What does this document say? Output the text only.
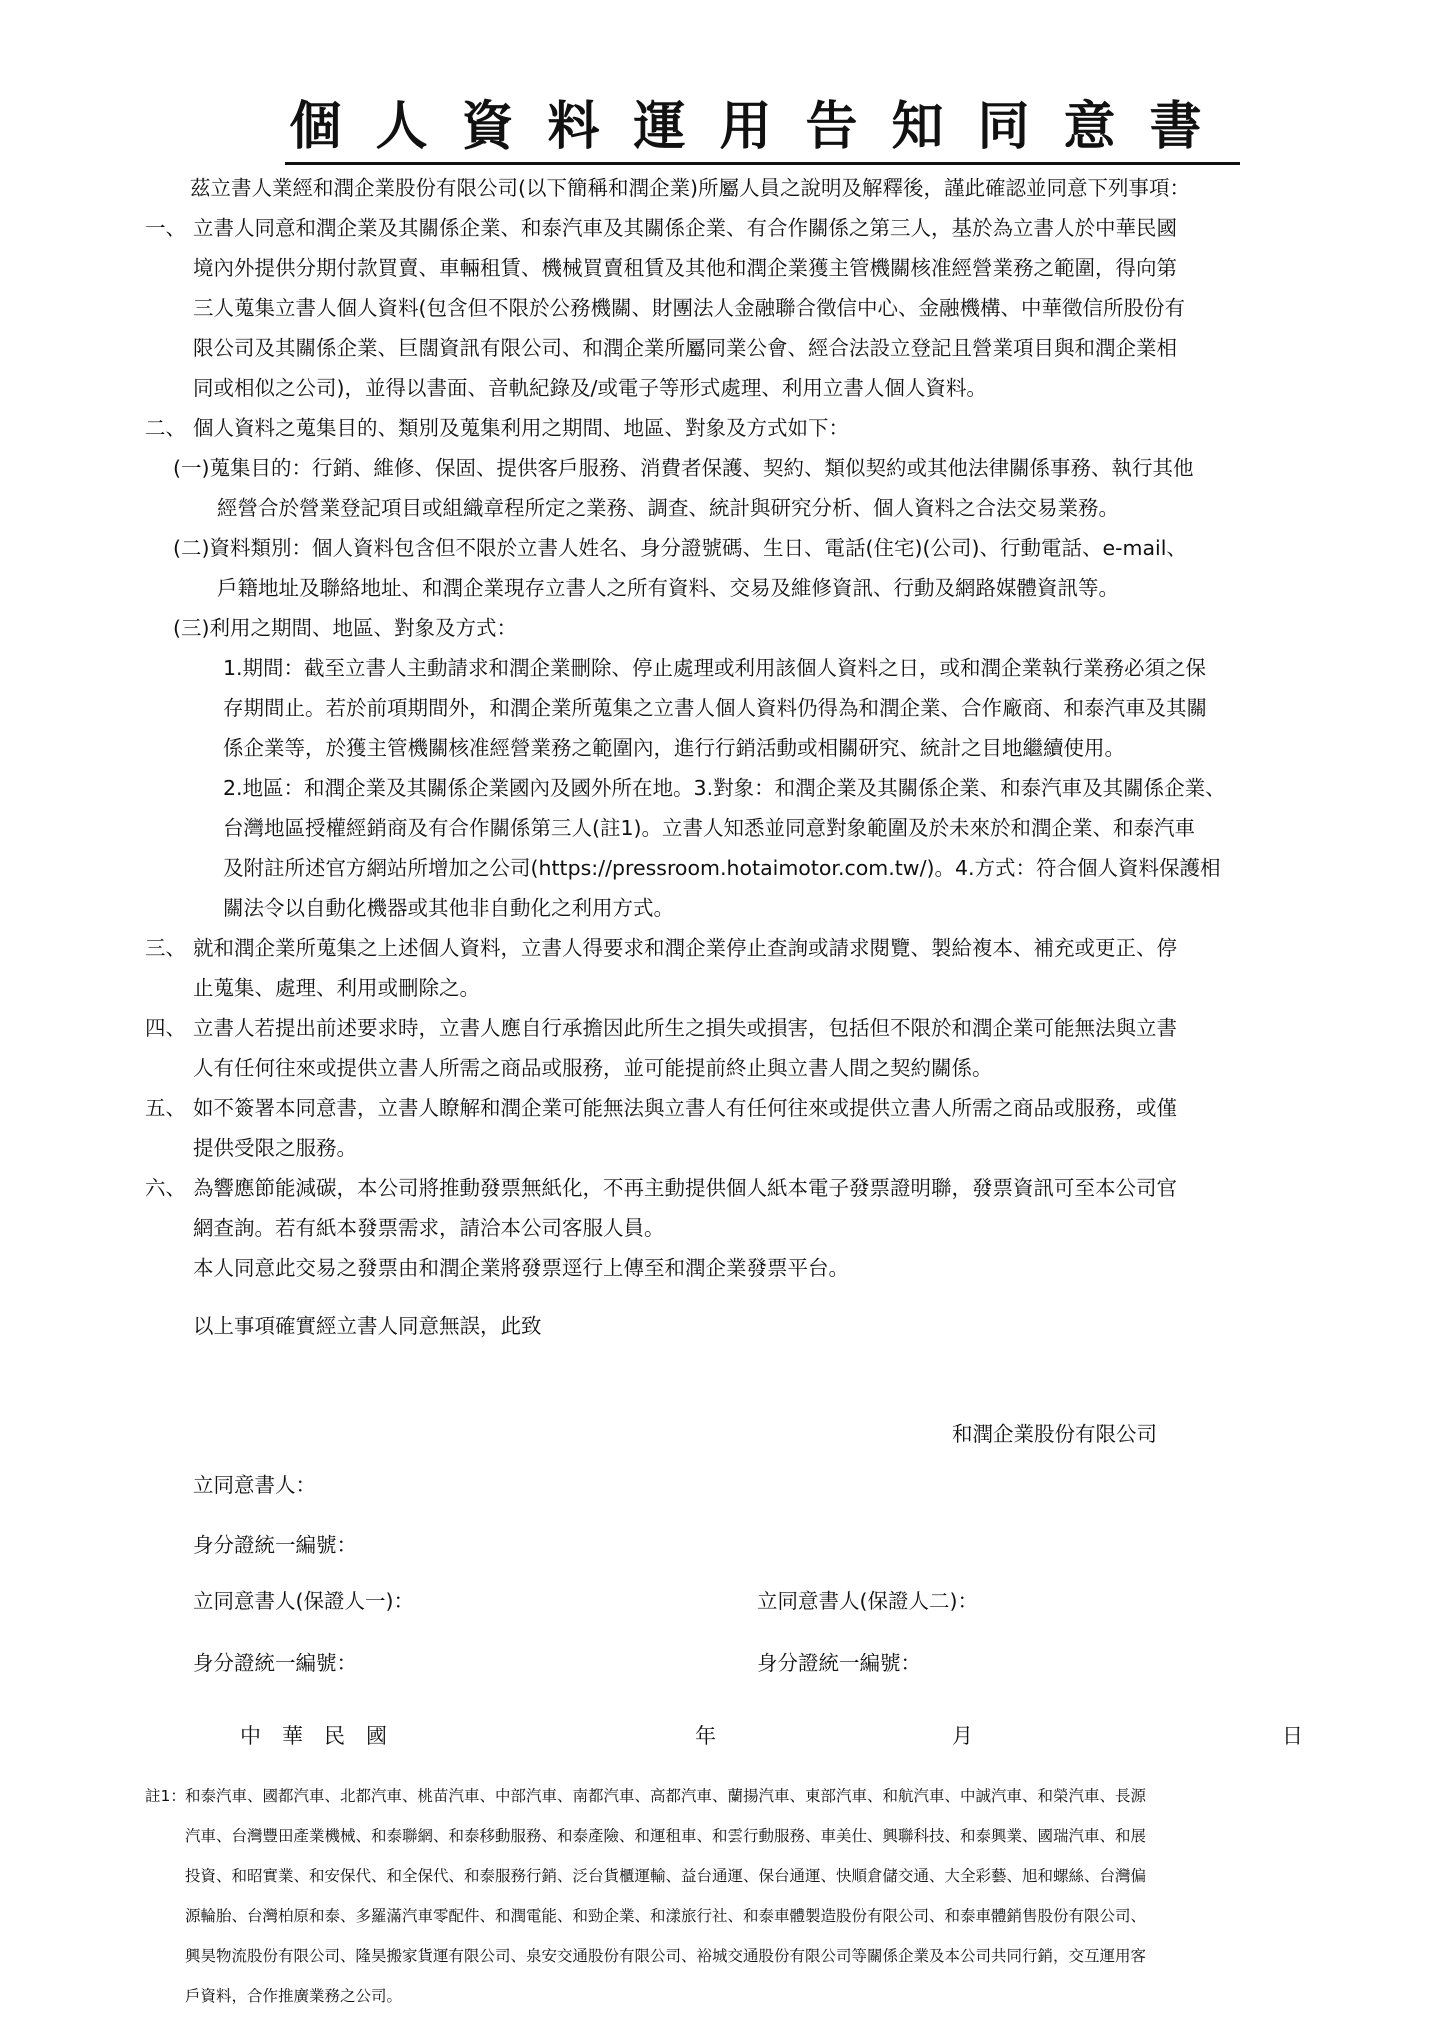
個人資料運用告知同意書
茲立書人業經和潤企業股份有限公司(以下簡稱和潤企業)所屬人員之說明及解釋後，謹此確認並同意下列事項：
一、 立書人同意和潤企業及其關係企業、和泰汽車及其關係企業、有合作關係之第三人，基於為立書人於中華民國
境內外提供分期付款買賣、車輛租賃、機械買賣租賃及其他和潤企業獲主管機關核准經營業務之範圍，得向第
三人蒐集立書人個人資料(包含但不限於公務機關、財團法人金融聯合徵信中心、金融機構、中華徵信所股份有
限公司及其關係企業、巨闊資訊有限公司、和潤企業所屬同業公會、經合法設立登記且營業項目與和潤企業相
同或相似之公司)，並得以書面、音軌紀錄及/或電子等形式處理、利用立書人個人資料。
二、 個人資料之蒐集目的、類別及蒐集利用之期間、地區、對象及方式如下：
(一)蒐集目的：行銷、維修、保固、提供客戶服務、消費者保護、契約、類似契約或其他法律關係事務、執行其他
經營合於營業登記項目或組織章程所定之業務、調查、統計與研究分析、個人資料之合法交易業務。
(二)資料類別：個人資料包含但不限於立書人姓名、身分證號碼、生日、電話(住宅)(公司)、行動電話、e-mail、
戶籍地址及聯絡地址、和潤企業現存立書人之所有資料、交易及維修資訊、行動及網路媒體資訊等。
(三)利用之期間、地區、對象及方式：
1.期間：截至立書人主動請求和潤企業刪除、停止處理或利用該個人資料之日，或和潤企業執行業務必須之保
存期間止。若於前項期間外，和潤企業所蒐集之立書人個人資料仍得為和潤企業、合作廠商、和泰汽車及其關
係企業等，於獲主管機關核准經營業務之範圍內，進行行銷活動或相關研究、統計之目地繼續使用。
2.地區：和潤企業及其關係企業國內及國外所在地。3.對象：和潤企業及其關係企業、和泰汽車及其關係企業、
台灣地區授權經銷商及有合作關係第三人(註1)。立書人知悉並同意對象範圍及於未來於和潤企業、和泰汽車
及附註所述官方網站所增加之公司(https://pressroom.hotaimotor.com.tw/)。4.方式：符合個人資料保護相
關法令以自動化機器或其他非自動化之利用方式。
三、 就和潤企業所蒐集之上述個人資料，立書人得要求和潤企業停止查詢或請求閱覽、製給複本、補充或更正、停
止蒐集、處理、利用或刪除之。
四、 立書人若提出前述要求時，立書人應自行承擔因此所生之損失或損害，包括但不限於和潤企業可能無法與立書
人有任何往來或提供立書人所需之商品或服務，並可能提前終止與立書人間之契約關係。
五、 如不簽署本同意書，立書人瞭解和潤企業可能無法與立書人有任何往來或提供立書人所需之商品或服務，或僅
提供受限之服務。
六、 為響應節能減碳，本公司將推動發票無紙化，不再主動提供個人紙本電子發票證明聯，發票資訊可至本公司官
網查詢。若有紙本發票需求，請洽本公司客服人員。
本人同意此交易之發票由和潤企業將發票逕行上傳至和潤企業發票平台。
以上事項確實經立書人同意無誤，此致
和潤企業股份有限公司
立同意書人：
身分證統一編號：
立同意書人(保證人一)：	立同意書人(保證人二)：
身分證統一編號：	身分證統一編號：
中　華　民　國	年	月	日
註1：和泰汽車、國都汽車、北都汽車、桃苗汽車、中部汽車、南都汽車、高都汽車、蘭揚汽車、東部汽車、和航汽車、中誠汽車、和榮汽車、長源
汽車、台灣豐田產業機械、和泰聯網、和泰移動服務、和泰產險、和運租車、和雲行動服務、車美仕、興聯科技、和泰興業、國瑞汽車、和展
投資、和昭實業、和安保代、和全保代、和泰服務行銷、泛台貨櫃運輸、益台通運、保台通運、快順倉儲交通、大全彩藝、旭和螺絲、台灣偏
源輪胎、台灣柏原和泰、多羅滿汽車零配件、和潤電能、和勁企業、和漾旅行社、和泰車體製造股份有限公司、和泰車體銷售股份有限公司、
興昊物流股份有限公司、隆昊搬家貨運有限公司、泉安交通股份有限公司、裕城交通股份有限公司等關係企業及本公司共同行銷，交互運用客
戶資料，合作推廣業務之公司。
